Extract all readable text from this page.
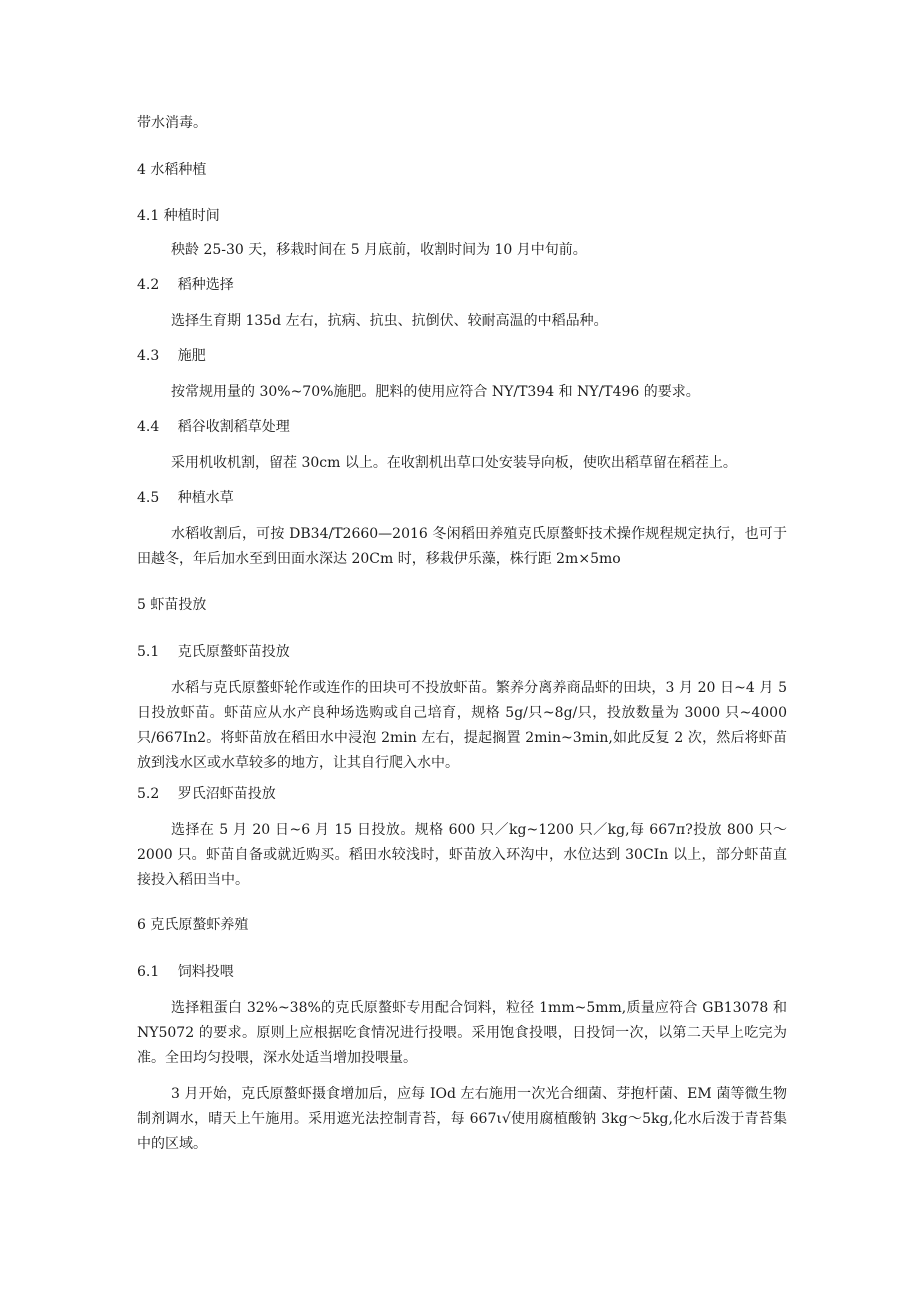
带水消毒。
4 水稻种植
4.1 种植时间
秧龄 25-30 天，移栽时间在 5 月底前，收割时间为 10 月中旬前。
4.2　 稻种选择
选择生育期 135d 左右，抗病、抗虫、抗倒伏、较耐高温的中稻品种。
4.3　 施肥
按常规用量的 30%~70%施肥。肥料的使用应符合 NY/T394 和 NY/T496 的要求。
4.4　 稻谷收割稻草处理
采用机收机割，留茬 30cm 以上。在收割机出草口处安装导向板，使吹出稻草留在稻茬上。
4.5　 种植水草
水稻收割后，可按 DB34/T2660—2016 冬闲稻田养殖克氏原螯虾技术操作规程规定执行，也可于田越冬，年后加水至到田面水深达 20Cm 时，移栽伊乐藻，株行距 2m×5mo
5 虾苗投放
5.1　 克氏原螯虾苗投放
水稻与克氏原螯虾轮作或连作的田块可不投放虾苗。繁养分离养商品虾的田块，3 月 20 日~4 月 5 日投放虾苗。虾苗应从水产良种场选购或自己培育，规格 5g/只~8g/只，投放数量为 3000 只~4000 只/667In2。将虾苗放在稻田水中浸泡 2min 左右，提起搁置 2min~3min,如此反复 2 次，然后将虾苗放到浅水区或水草较多的地方，让其自行爬入水中。
5.2　 罗氏沼虾苗投放
选择在 5 月 20 日~6 月 15 日投放。规格 600 只／kg~1200 只／kg,每 667π?投放 800 只～2000 只。虾苗自备或就近购买。稻田水较浅时，虾苗放入环沟中，水位达到 30CIn 以上，部分虾苗直接投入稻田当中。
6 克氏原螯虾养殖
6.1　 饲料投喂
选择粗蛋白 32%~38%的克氏原螯虾专用配合饲料，粒径 1mm~5mm,质量应符合 GB13078 和 NY5072 的要求。原则上应根据吃食情况进行投喂。采用饱食投喂，日投饲一次，以第二天早上吃完为准。全田均匀投喂，深水处适当增加投喂量。
3 月开始，克氏原螯虾摄食增加后，应每 IOd 左右施用一次光合细菌、芽抱杆菌、EM 菌等微生物制剂调水，晴天上午施用。采用遮光法控制青苔，每 667ι√使用腐植酸钠 3kg～5kg,化水后泼于青苔集中的区域。
